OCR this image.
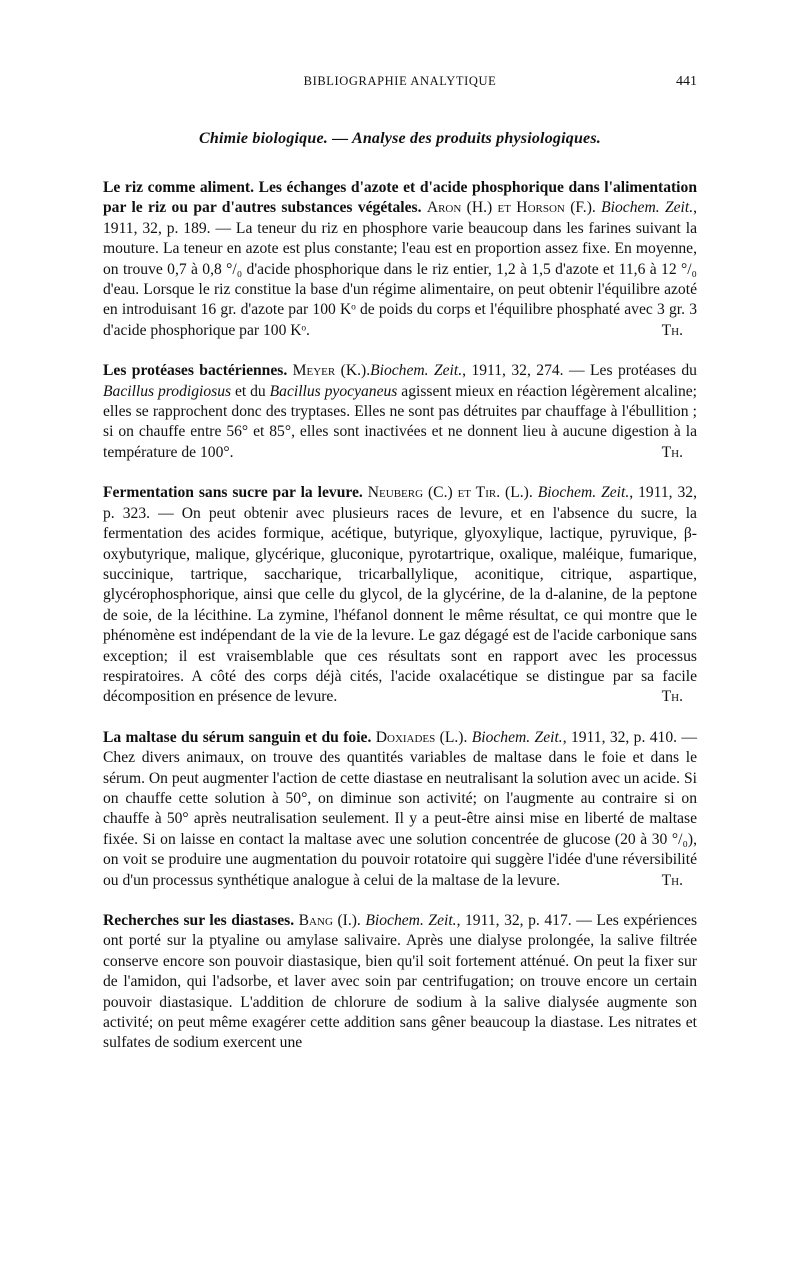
BIBLIOGRAPHIE ANALYTIQUE	441
Chimie biologique. — Analyse des produits physiologiques.
Le riz comme aliment. Les échanges d'azote et d'acide phosphorique dans l'alimentation par le riz ou par d'autres substances végétales. Aron (H.) et Horson (F.). Biochem. Zeit., 1911, 32, p. 189. — La teneur du riz en phosphore varie beaucoup dans les farines suivant la mouture. La teneur en azote est plus constante; l'eau est en proportion assez fixe. En moyenne, on trouve 0,7 à 0,8 °/₀ d'acide phosphorique dans le riz entier, 1,2 à 1,5 d'azote et 11,6 à 12 °/₀ d'eau. Lorsque le riz constitue la base d'un régime alimentaire, on peut obtenir l'équilibre azoté en introduisant 16 gr. d'azote par 100 Kᵒ de poids du corps et l'équilibre phosphaté avec 3 gr. 3 d'acide phosphorique par 100 Kᵒ.	Th.
Les protéases bactériennes. Meyer (K.).Biochem. Zeit., 1911, 32, 274. — Les protéases du Bacillus prodigiosus et du Bacillus pyocyaneus agissent mieux en réaction légèrement alcaline; elles se rapprochent donc des tryptases. Elles ne sont pas détruites par chauffage à l'ébullition ; si on chauffe entre 56° et 85°, elles sont inactivées et ne donnent lieu à aucune digestion à la température de 100°.	Th.
Fermentation sans sucre par la levure. Neuberg (C.) et Tir. (L.). Biochem. Zeit., 1911, 32, p. 323. — On peut obtenir avec plusieurs races de levure, et en l'absence du sucre, la fermentation des acides formique, acétique, butyrique, glyoxylique, lactique, pyruvique, β-oxybutyrique, malique, glycérique, gluconique, pyrotartrique, oxalique, maléique, fumarique, succinique, tartrique, saccharique, tricarballylique, aconitique, citrique, aspartique, glycérophosphorique, ainsi que celle du glycol, de la glycérine, de la d-alanine, de la peptone de soie, de la lécithine. La zymine, l'héfanol donnent le même résultat, ce qui montre que le phénomène est indépendant de la vie de la levure. Le gaz dégagé est de l'acide carbonique sans exception; il est vraisemblable que ces résultats sont en rapport avec les processus respiratoires. A côté des corps déjà cités, l'acide oxalacétique se distingue par sa facile décomposition en présence de levure.	Th.
La maltase du sérum sanguin et du foie. Doxiades (L.). Biochem. Zeit., 1911, 32, p. 410. — Chez divers animaux, on trouve des quantités variables de maltase dans le foie et dans le sérum. On peut augmenter l'action de cette diastase en neutralisant la solution avec un acide. Si on chauffe cette solution à 50°, on diminue son activité; on l'augmente au contraire si on chauffe à 50° après neutralisation seulement. Il y a peut-être ainsi mise en liberté de maltase fixée. Si on laisse en contact la maltase avec une solution concentrée de glucose (20 à 30 °/₀), on voit se produire une augmentation du pouvoir rotatoire qui suggère l'idée d'une réversibilité ou d'un processus synthétique analogue à celui de la maltase de la levure.	Th.
Recherches sur les diastases. Bang (I.). Biochem. Zeit., 1911, 32, p. 417. — Les expériences ont porté sur la ptyaline ou amylase salivaire. Après une dialyse prolongée, la salive filtrée conserve encore son pouvoir diastasique, bien qu'il soit fortement atténué. On peut la fixer sur de l'amidon, qui l'adsorbe, et laver avec soin par centrifugation; on trouve encore un certain pouvoir diastasique. L'addition de chlorure de sodium à la salive dialysée augmente son activité; on peut même exagérer cette addition sans gêner beaucoup la diastase. Les nitrates et sulfates de sodium exercent une
